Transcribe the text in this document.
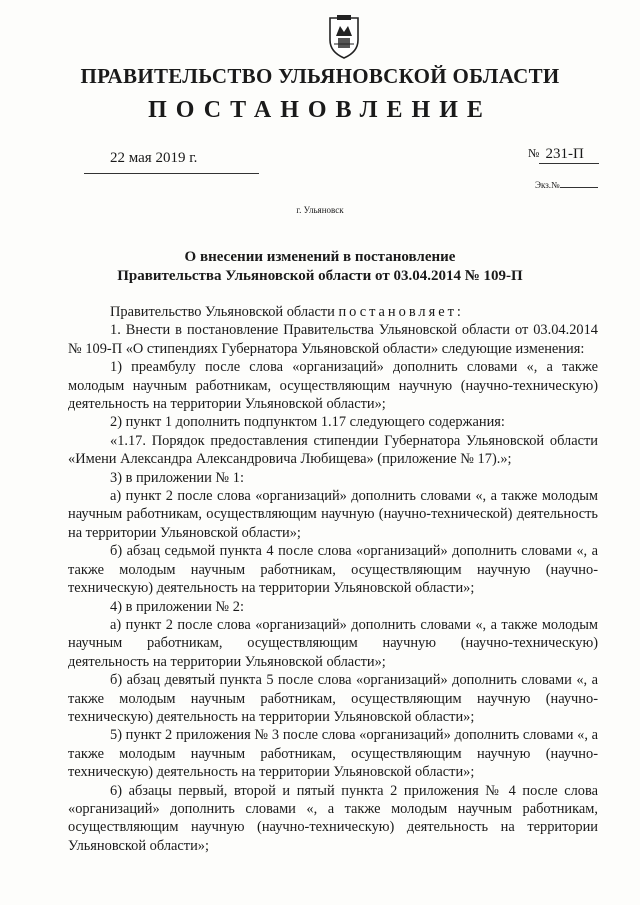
ПРАВИТЕЛЬСТВО УЛЬЯНОВСКОЙ ОБЛАСТИ
ПОСТАНОВЛЕНИЕ
22 мая 2019 г.	№ 231-П
Экз.№
г. Ульяновск
О внесении изменений в постановление
Правительства Ульяновской области от 03.04.2014 № 109-П

Правительство Ульяновской области постановляет:

1. Внести в постановление Правительства Ульяновской области от 03.04.2014 № 109-П «О стипендиях Губернатора Ульяновской области» следующие изменения:

1) преамбулу после слова «организаций» дополнить словами «, а также молодым научным работникам, осуществляющим научную (научно-техническую) деятельность на территории Ульяновской области»;

2) пункт 1 дополнить подпунктом 1.17 следующего содержания:

«1.17. Порядок предоставления стипендии Губернатора Ульяновской области «Имени Александра Александровича Любищева» (приложение № 17).»;

3) в приложении № 1:

а) пункт 2 после слова «организаций» дополнить словами «, а также молодым научным работникам, осуществляющим научную (научно-технической) деятельность на территории Ульяновской области»;

б) абзац седьмой пункта 4 после слова «организаций» дополнить словами «, а также молодым научным работникам, осуществляющим научную (научно-техническую) деятельность на территории Ульяновской области»;

4) в приложении № 2:

а) пункт 2 после слова «организаций» дополнить словами «, а также молодым научным работникам, осуществляющим научную (научно-техническую) деятельность на территории Ульяновской области»;

б) абзац девятый пункта 5 после слова «организаций» дополнить словами «, а также молодым научным работникам, осуществляющим научную (научно-техническую) деятельность на территории Ульяновской области»;

5) пункт 2 приложения № 3 после слова «организаций» дополнить словами «, а также молодым научным работникам, осуществляющим научную (научно-техническую) деятельность на территории Ульяновской области»;

6) абзацы первый, второй и пятый пункта 2 приложения № 4 после слова «организаций» дополнить словами «, а также молодым научным работникам, осуществляющим научную (научно-техническую) деятельность на территории Ульяновской области»;
